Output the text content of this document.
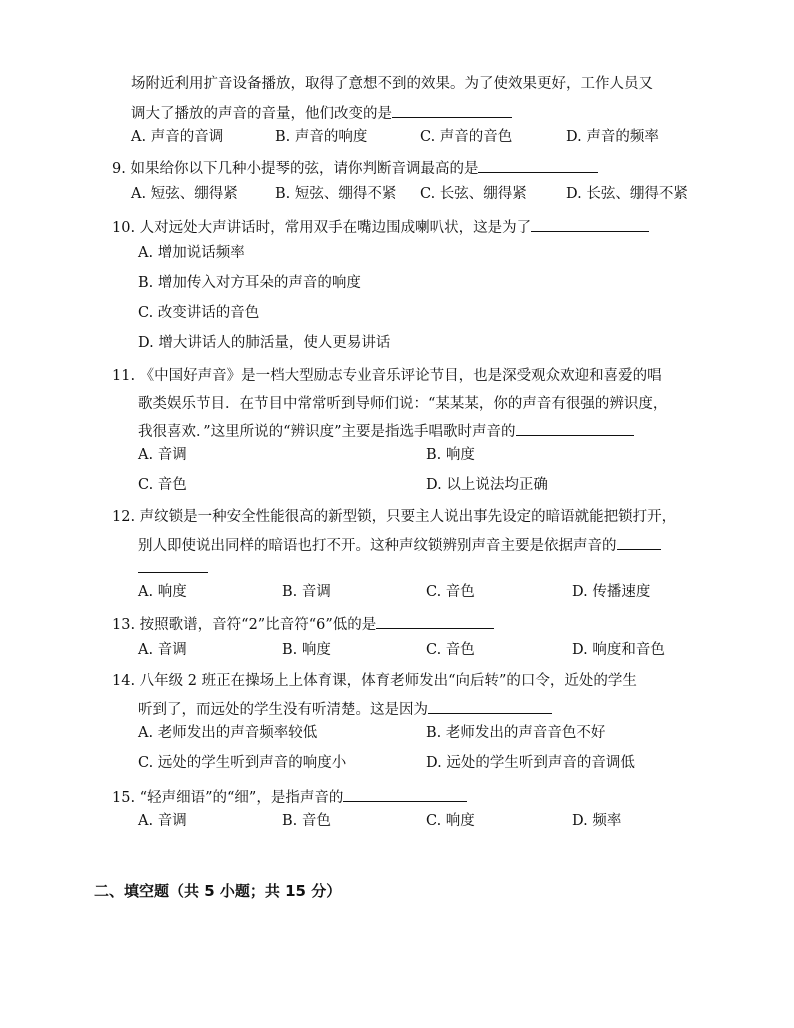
场附近利用扩音设备播放，取得了意想不到的效果。为了使效果更好，工作人员又
调大了播放的声音的音量，他们改变的是
A. 声音的音调	B. 声音的响度	C. 声音的音色	D. 声音的频率
9. 如果给你以下几种小提琴的弦，请你判断音调最高的是
A. 短弦、绷得紧	B. 短弦、绷得不紧 C. 长弦、绷得紧	D. 长弦、绷得不紧
10. 人对远处大声讲话时，常用双手在嘴边围成喇叭状，这是为了
A. 增加说话频率
B. 增加传入对方耳朵的声音的响度
C. 改变讲话的音色
D. 增大讲话人的肺活量，使人更易讲话
11. 《中国好声音》是一档大型励志专业音乐评论节目，也是深受观众欢迎和喜爱的唱
歌类娱乐节目．在节目中常常听到导师们说：“某某某，你的声音有很强的辨识度，
我很喜欢．”这里所说的“辨识度”主要是指选手唱歌时声音的
A. 音调	B. 响度
C. 音色	D. 以上说法均正确
12. 声纹锁是一种安全性能很高的新型锁，只要主人说出事先设定的暗语就能把锁打开，
别人即使说出同样的暗语也打不开。这种声纹锁辨别声音主要是依据声音的
A. 响度	B. 音调	C. 音色	D. 传播速度
13. 按照歌谱，音符“2”比音符“6”低的是
A. 音调	B. 响度	C. 音色	D. 响度和音色
14. 八年级 2 班正在操场上上体育课，体育老师发出“向后转”的口令，近处的学生
听到了，而远处的学生没有听清楚。这是因为
A. 老师发出的声音频率较低	B. 老师发出的声音音色不好
C. 远处的学生听到声音的响度小	D. 远处的学生听到声音的音调低
15. “轻声细语”的“细”，是指声音的
A. 音调	B. 音色	C. 响度	D. 频率
二、填空题（共 5 小题；共 15 分）
